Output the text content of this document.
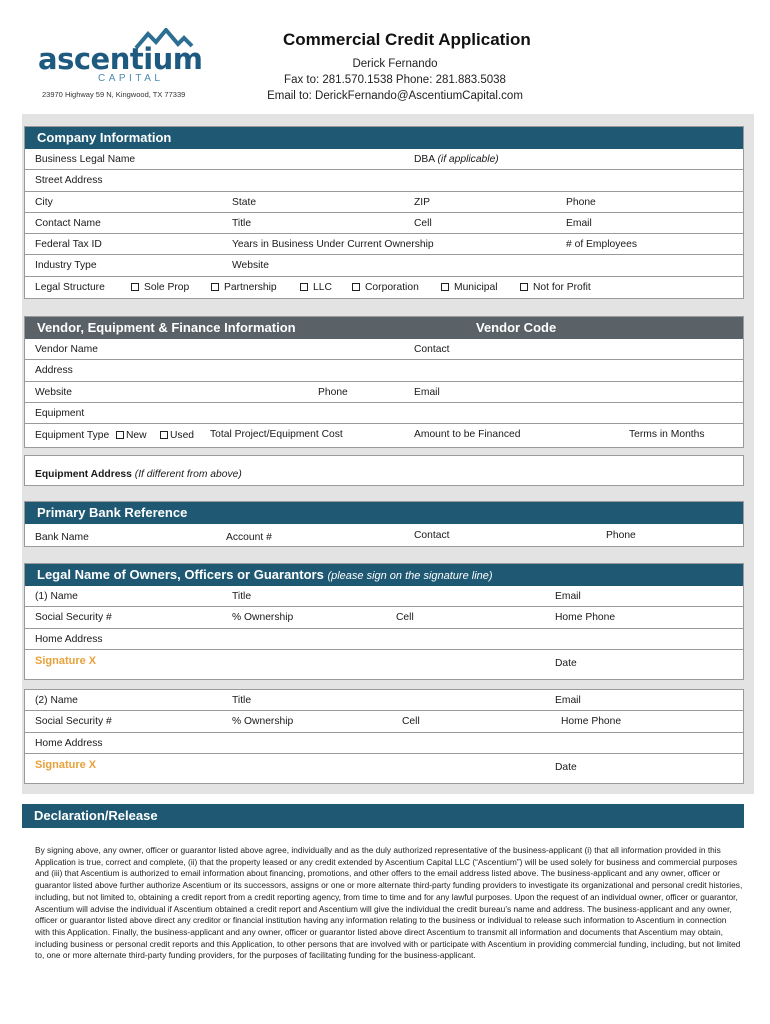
ascentium
CAPITAL
23970 Highway 59 N, Kingwood, TX 77339
Commercial Credit Application
Derick Fernando
Fax to: 281.570.1538 Phone: 281.883.5038
Email to: DerickFernando@AscentiumCapital.com
Company Information
Business Legal Name	DBA (if applicable)
Street Address
City	State	ZIP	Phone
Contact Name	Title	Cell	Email
Federal Tax ID	Years in Business Under Current Ownership	# of Employees
Industry Type	Website
Legal Structure	Sole Prop	Partnership	LLC	Corporation	Municipal	Not for Profit
Vendor, Equipment & Finance Information	Vendor Code
Vendor Name	Contact
Address
Website	Phone	Email
Equipment
Equipment Type	New	Used Total Project/Equipment Cost	Amount to be Financed	Terms in Months
Equipment Address (If different from above)
Primary Bank Reference
Bank Name	Account #	Contact	Phone
Legal Name of Owners, Officers or Guarantors (please sign on the signature line)
(1) Name	Title	Email
Social Security #	% Ownership	Cell	Home Phone
Home Address
Signature X	Date
(2) Name	Title	Email
Social Security #	% Ownership	Cell	Home Phone
Home Address
Signature X	Date
Declaration/Release
By signing above, any owner, officer or guarantor listed above agree, individually and as the duly authorized representative of the business-applicant (i) that all information provided in this Application is true, correct and complete, (ii) that the property leased or any credit extended by Ascentium Capital LLC (“Ascentium”) will be used solely for business and commercial purposes and (iii) that Ascentium is authorized to email information about financing, promotions, and other offers to the email address listed above. The business-applicant and any owner, officer or guarantor listed above further authorize Ascentium or its successors, assigns or one or more alternate third-party funding providers to investigate its organizational and personal credit histories, including, but not limited to, obtaining a credit report from a credit reporting agency, from time to time and for any lawful purposes. Upon the request of an individual owner, officer or guarantor, Ascentium will advise the individual if Ascentium obtained a credit report and Ascentium will give the individual the credit bureau’s name and address. The business-applicant and any owner, officer or guarantor listed above direct any creditor or financial institution having any information relating to the business or individual to release such information to Ascentium in connection with this Application. Finally, the business-applicant and any owner, officer or guarantor listed above direct Ascentium to transmit all information and documents that Ascentium may obtain, including business or personal credit reports and this Application, to other persons that are involved with or participate with Ascentium in providing commercial funding, including, but not limited to, one or more alternate third-party funding providers, for the purposes of facilitating funding for the business-applicant.
